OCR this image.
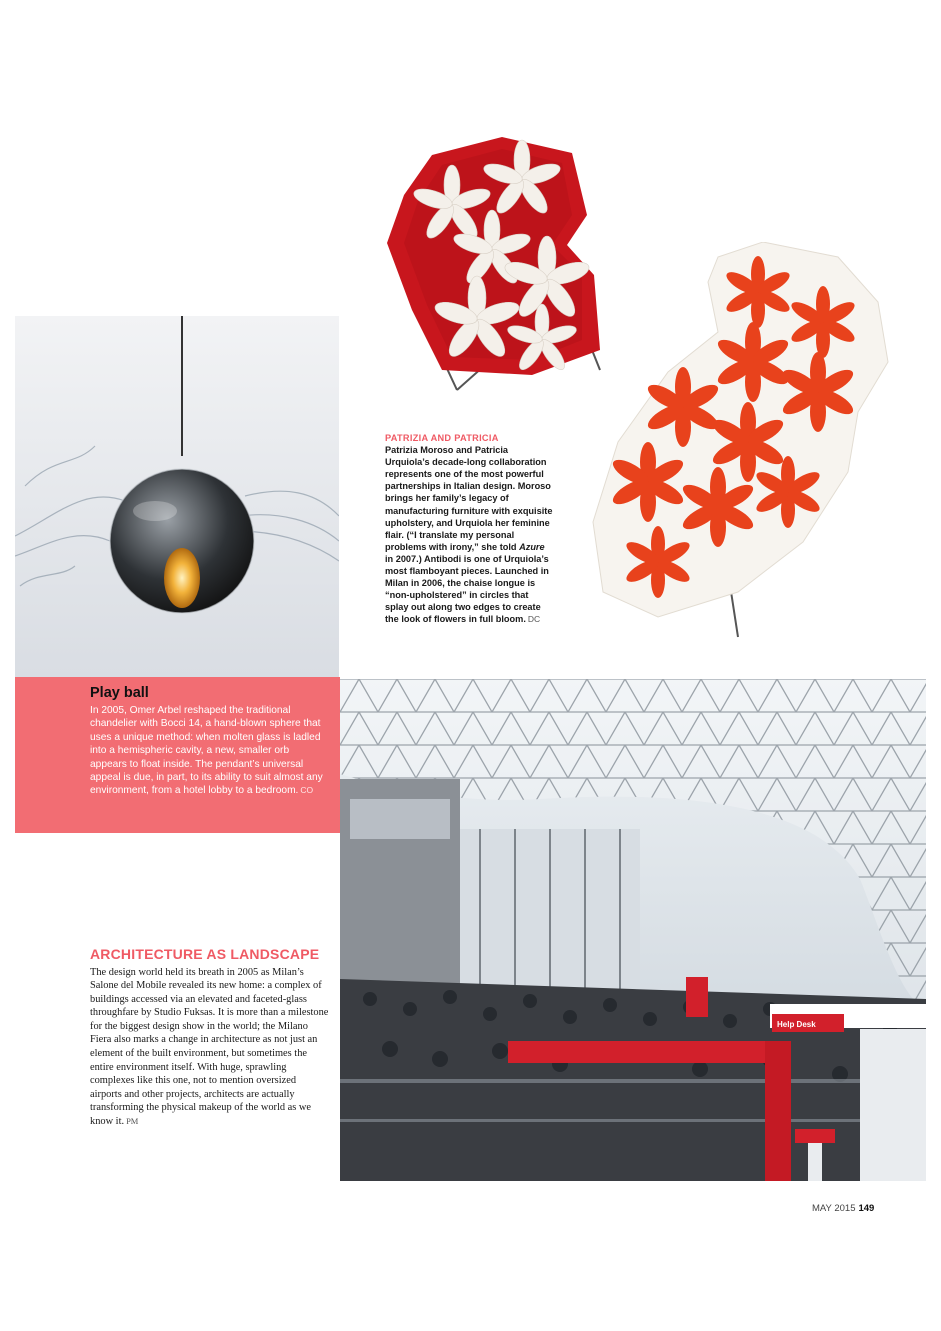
PATRIZIA AND PATRICIA
Patrizia Moroso and Patricia Urquiola’s decade-long collaboration represents one of the most powerful partnerships in Italian design. Moroso brings her family’s legacy of manufacturing furniture with exquisite upholstery, and Urquiola her feminine flair. (“I translate my personal problems with irony,” she told Azure in 2007.) Antibodi is one of Urquiola’s most flamboyant pieces. Launched in Milan in 2006, the chaise longue is “non-upholstered” in circles that splay out along two edges to create the look of flowers in full bloom. DC
Play ball

In 2005, Omer Arbel reshaped the traditional chandelier with Bocci 14, a hand-blown sphere that uses a unique method: when molten glass is ladled into a hemispheric cavity, a new, smaller orb appears to float inside. The pendant’s universal appeal is due, in part, to its ability to suit almost any environment, from a hotel lobby to a bedroom. CO

Help Desk
ARCHITECTURE AS LANDSCAPE

The design world held its breath in 2005 as Milan’s Salone del Mobile revealed its new home: a complex of buildings accessed via an elevated and faceted-glass throughfare by Studio Fuksas. It is more than a milestone for the biggest design show in the world; the Milano Fiera also marks a change in architecture as not just an element of the built environment, but sometimes the entire environment itself. With huge, sprawling complexes like this one, not to mention oversized airports and other projects, architects are actually transforming the physical makeup of the world as we know it. PM

MAY 2015 149
